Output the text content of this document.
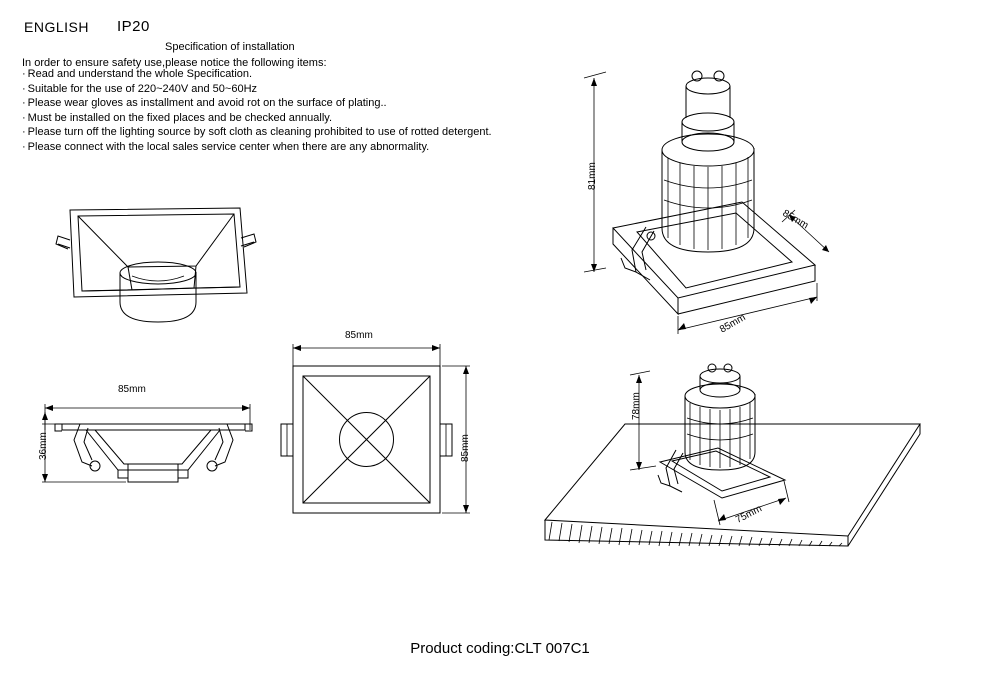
ENGLISH IP20
Specification of installation
In order to ensure safety use,please notice the following items:
· Read and understand the whole Specification.
· Suitable for the use of 220~240V and 50~60Hz
· Please wear gloves as installment and avoid rot on the surface of plating..
· Must be installed on the fixed places and be checked annually.
· Please turn off the lighting source by soft cloth as cleaning prohibited to use of rotted detergent.
· Please connect with the local sales service center when there are any abnormality.
85mm
36mm
85mm
85mm
81mm
85mm
85mm
78mm
75mm
Product coding:CLT 007C1
